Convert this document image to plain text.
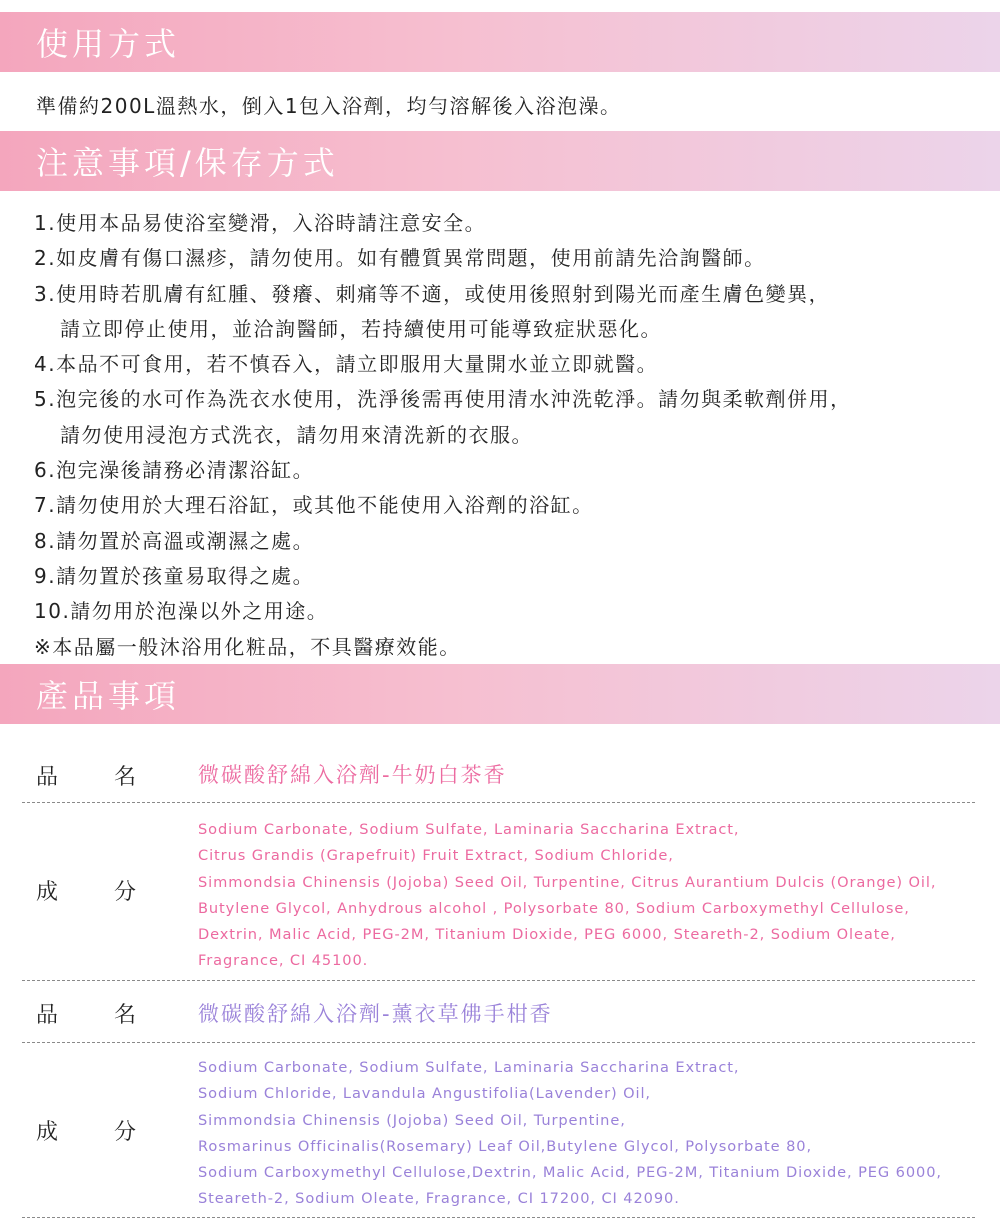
使用方式
準備約200L溫熱水，倒入1包入浴劑，均勻溶解後入浴泡澡。
注意事項/保存方式
1.使用本品易使浴室變滑，入浴時請注意安全。
2.如皮膚有傷口濕疹，請勿使用。如有體質異常問題，使用前請先洽詢醫師。
3.使用時若肌膚有紅腫、發癢、刺痛等不適，或使用後照射到陽光而產生膚色變異，
請立即停止使用，並洽詢醫師，若持續使用可能導致症狀惡化。
4.本品不可食用，若不慎吞入，請立即服用大量開水並立即就醫。
5.泡完後的水可作為洗衣水使用，洗淨後需再使用清水沖洗乾淨。請勿與柔軟劑併用，
請勿使用浸泡方式洗衣，請勿用來清洗新的衣服。
6.泡完澡後請務必清潔浴缸。
7.請勿使用於大理石浴缸，或其他不能使用入浴劑的浴缸。
8.請勿置於高溫或潮濕之處。
9.請勿置於孩童易取得之處。
10.請勿用於泡澡以外之用途。
※本品屬一般沐浴用化粧品，不具醫療效能。
產品事項
品	名	微碳酸舒綿入浴劑-牛奶白茶香
成	分
Sodium Carbonate, Sodium Sulfate, Laminaria Saccharina Extract,
Citrus Grandis (Grapefruit) Fruit Extract, Sodium Chloride,
Simmondsia Chinensis (Jojoba) Seed Oil, Turpentine, Citrus Aurantium Dulcis (Orange) Oil,
Butylene Glycol, Anhydrous alcohol , Polysorbate 80, Sodium Carboxymethyl Cellulose,
Dextrin, Malic Acid, PEG-2M, Titanium Dioxide, PEG 6000, Steareth-2, Sodium Oleate,
Fragrance, CI 45100.
品	名	微碳酸舒綿入浴劑-薰衣草佛手柑香
成	分
Sodium Carbonate, Sodium Sulfate, Laminaria Saccharina Extract,
Sodium Chloride, Lavandula Angustifolia(Lavender) Oil,
Simmondsia Chinensis (Jojoba) Seed Oil, Turpentine,
Rosmarinus Officinalis(Rosemary) Leaf Oil,Butylene Glycol, Polysorbate 80,
Sodium Carboxymethyl Cellulose,Dextrin, Malic Acid, PEG-2M, Titanium Dioxide, PEG 6000,
Steareth-2, Sodium Oleate, Fragrance, CI 17200, CI 42090.
